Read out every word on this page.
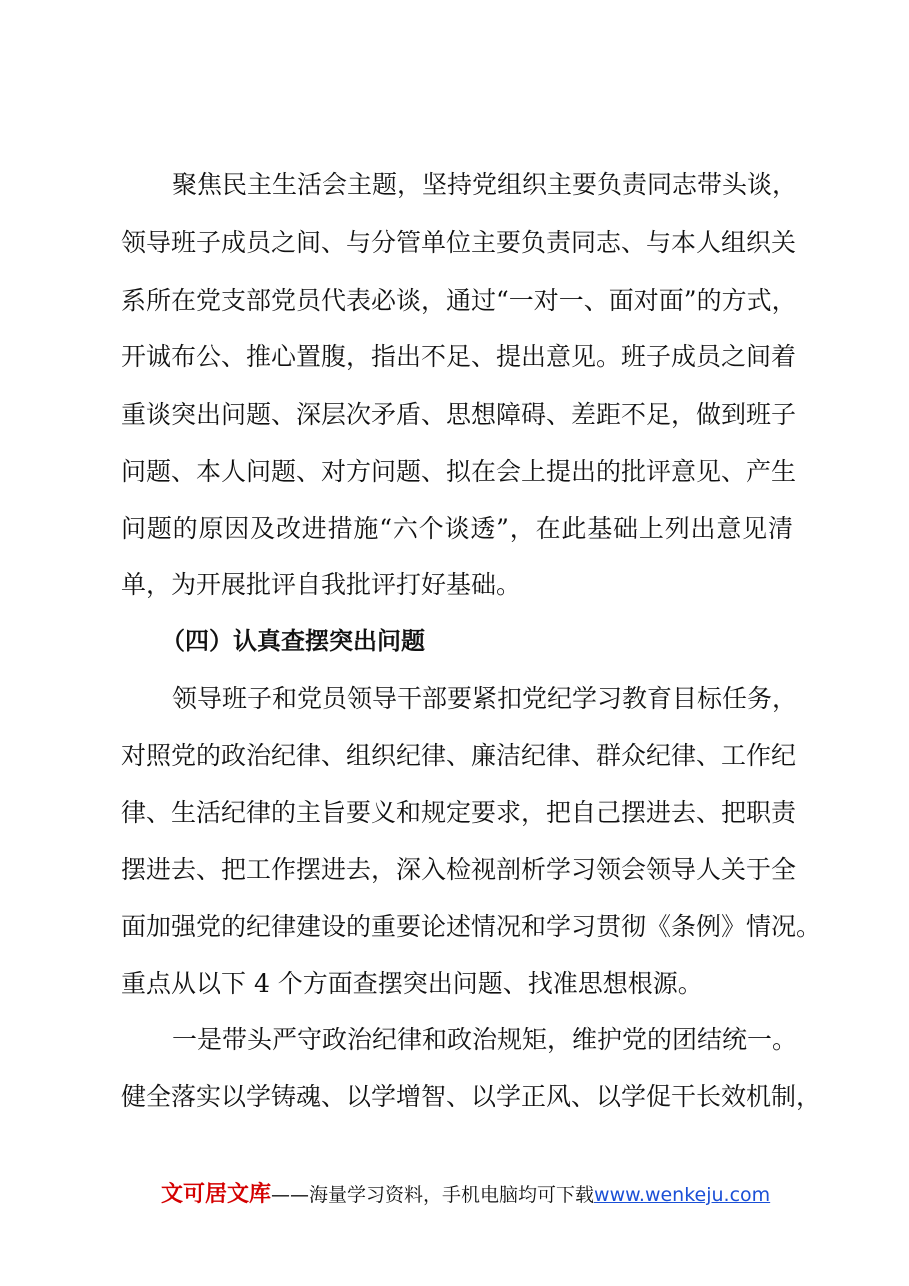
聚焦民主生活会主题，坚持党组织主要负责同志带头谈，
领导班子成员之间、与分管单位主要负责同志、与本人组织关
系所在党支部党员代表必谈，通过“一对一、面对面”的方式，
开诚布公、推心置腹，指出不足、提出意见。班子成员之间着
重谈突出问题、深层次矛盾、思想障碍、差距不足，做到班子
问题、本人问题、对方问题、拟在会上提出的批评意见、产生
问题的原因及改进措施“六个谈透”，在此基础上列出意见清
单，为开展批评自我批评打好基础。
（四）认真查摆突出问题
领导班子和党员领导干部要紧扣党纪学习教育目标任务，
对照党的政治纪律、组织纪律、廉洁纪律、群众纪律、工作纪
律、生活纪律的主旨要义和规定要求，把自己摆进去、把职责
摆进去、把工作摆进去，深入检视剖析学习领会领导人关于全
面加强党的纪律建设的重要论述情况和学习贯彻《条例》情况。
重点从以下 4 个方面查摆突出问题、找准思想根源。
一是带头严守政治纪律和政治规矩，维护党的团结统一。
健全落实以学铸魂、以学增智、以学正风、以学促干长效机制，
文可居文库——海量学习资料，手机电脑均可下载www.wenkeju.com
